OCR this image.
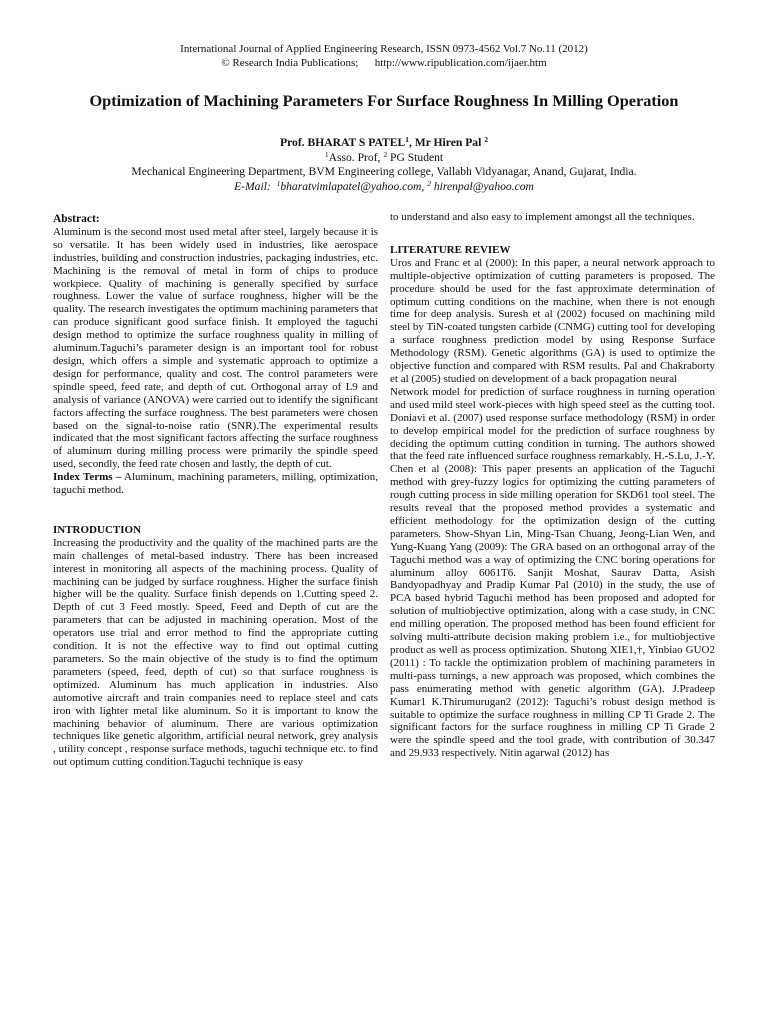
International Journal of Applied Engineering Research, ISSN 0973-4562 Vol.7 No.11 (2012)
© Research India Publications;      http://www.ripublication.com/ijaer.htm
Optimization of Machining Parameters For Surface Roughness In Milling Operation
Prof. BHARAT S PATEL$^1$, Mr Hiren Pal $^2$
$^1$Asso. Prof, $^2$ PG Student
Mechanical Engineering Department, BVM Engineering college, Vallabh Vidyanagar, Anand, Gujarat, India.
E-Mail:  $^1$bharatvimlapatel@yahoo.com, $^2$ hirenpal@yahoo.com

Abstract:

Aluminum is the second most used metal after steel, largely because it is so versatile. It has been widely used in industries, like aerospace industries, building and construction industries, packaging industries, etc. Machining is the removal of metal in form of chips to produce workpiece. Quality of machining is generally specified by surface roughness. Lower the value of surface roughness, higher will be the quality. The research investigates the optimum machining parameters that can produce significant good surface finish. It employed the taguchi design method to optimize the surface roughness quality in milling of aluminum.Taguchi’s parameter design is an important tool for robust design, which offers a simple and systematic approach to optimize a design for performance, quality and cost. The control parameters were spindle speed, feed rate, and depth of cut. Orthogonal array of L9 and analysis of variance (ANOVA) were carried out to identify the significant factors affecting the surface roughness. The best parameters were chosen based on the signal-to-noise ratio (SNR).The experimental results indicated that the most significant factors affecting the surface roughness of aluminum during milling process were primarily the spindle speed used, secondly, the feed rate chosen and lastly, the depth of cut.

Index Terms – Aluminum, machining parameters, milling, optimization, taguchi method.

INTRODUCTION

Increasing the productivity and the quality of the machined parts are the main challenges of metal-based industry. There has been increased interest in monitoring all aspects of the machining process. Quality of machining can be judged by surface roughness. Higher the surface finish higher will be the quality. Surface finish depends on 1.Cutting speed 2. Depth of cut 3 Feed mostly. Speed, Feed and Depth of cut are the parameters that can be adjusted in machining operation. Most of the operators use trial and error method to find the appropriate cutting condition. It is not the effective way to find out optimal cutting parameters. So the main objective of the study is to find the optimum parameters (speed, feed, depth of cut) so that surface roughness is optimized. Aluminum has much application in industries. Also automotive aircraft and train companies need to replace steel and cats iron with lighter metal like aluminum. So it is important to know the machining behavior of aluminum. There are various optimization techniques like genetic algorithm, artificial neural network, grey analysis , utility concept , response surface methods, taguchi technique etc. to find out optimum cutting condition.Taguchi technique is easy

to understand and also easy to implement amongst all the techniques.

LITERATURE REVIEW

Uros and Franc et al (2000): In this paper, a neural network approach to multiple-objective optimization of cutting parameters is proposed. The procedure should be used for the fast approximate determination of optimum cutting conditions on the machine, when there is not enough time for deep analysis. Suresh et al (2002) focused on machining mild steel by TiN-coated tungsten carbide (CNMG) cutting tool for developing a surface roughness prediction model by using Response Surface Methodology (RSM). Genetic algorithms (GA) is used to optimize the objective function and compared with RSM results. Pal and Chakraborty et al (2005) studied on development of a back propagation neural

Network model for prediction of surface roughness in turning operation and used mild steel work-pieces with high speed steel as the cutting tool. Doniavi et al. (2007) used response surface methodology (RSM) in order to develop empirical model for the prediction of surface roughness by deciding the optimum cutting condition in turning. The authors showed that the feed rate influenced surface roughness remarkably. H.-S.Lu, J.-Y. Chen et al (2008): This paper presents an application of the Taguchi method with grey-fuzzy logics for optimizing the cutting parameters of rough cutting process in side milling operation for SKD61 tool steel. The results reveal that the proposed method provides a systematic and efficient methodology for the optimization design of the cutting parameters. Show-Shyan Lin, Ming-Tsan Chuang, Jeong-Lian Wen, and Yung-Kuang Yang (2009): The GRA based on an orthogonal array of the Taguchi method was a way of optimizing the CNC boring operations for aluminum alloy 6061T6. Sanjit Moshat, Saurav Datta, Asish Bandyopadhyay and Pradip Kumar Pal (2010) in the study, the use of PCA based hybrid Taguchi method has been proposed and adopted for solution of multiobjective optimization, along with a case study, in CNC end milling operation. The proposed method has been found efficient for solving multi-attribute decision making problem i.e., for multiobjective product as well as process optimization. Shutong XIE1,†, Yinbiao GUO2 (2011) : To tackle the optimization problem of machining parameters in multi-pass turnings, a new approach was proposed, which combines the pass enumerating method with genetic algorithm (GA). J.Pradeep Kumar1 K.Thirumurugan2 (2012): Taguchi’s robust design method is suitable to optimize the surface roughness in milling CP Ti Grade 2. The significant factors for the surface roughness in milling CP Ti Grade 2 were the spindle speed and the tool grade, with contribution of 30.347 and 29.933 respectively. Nitin agarwal (2012) has
